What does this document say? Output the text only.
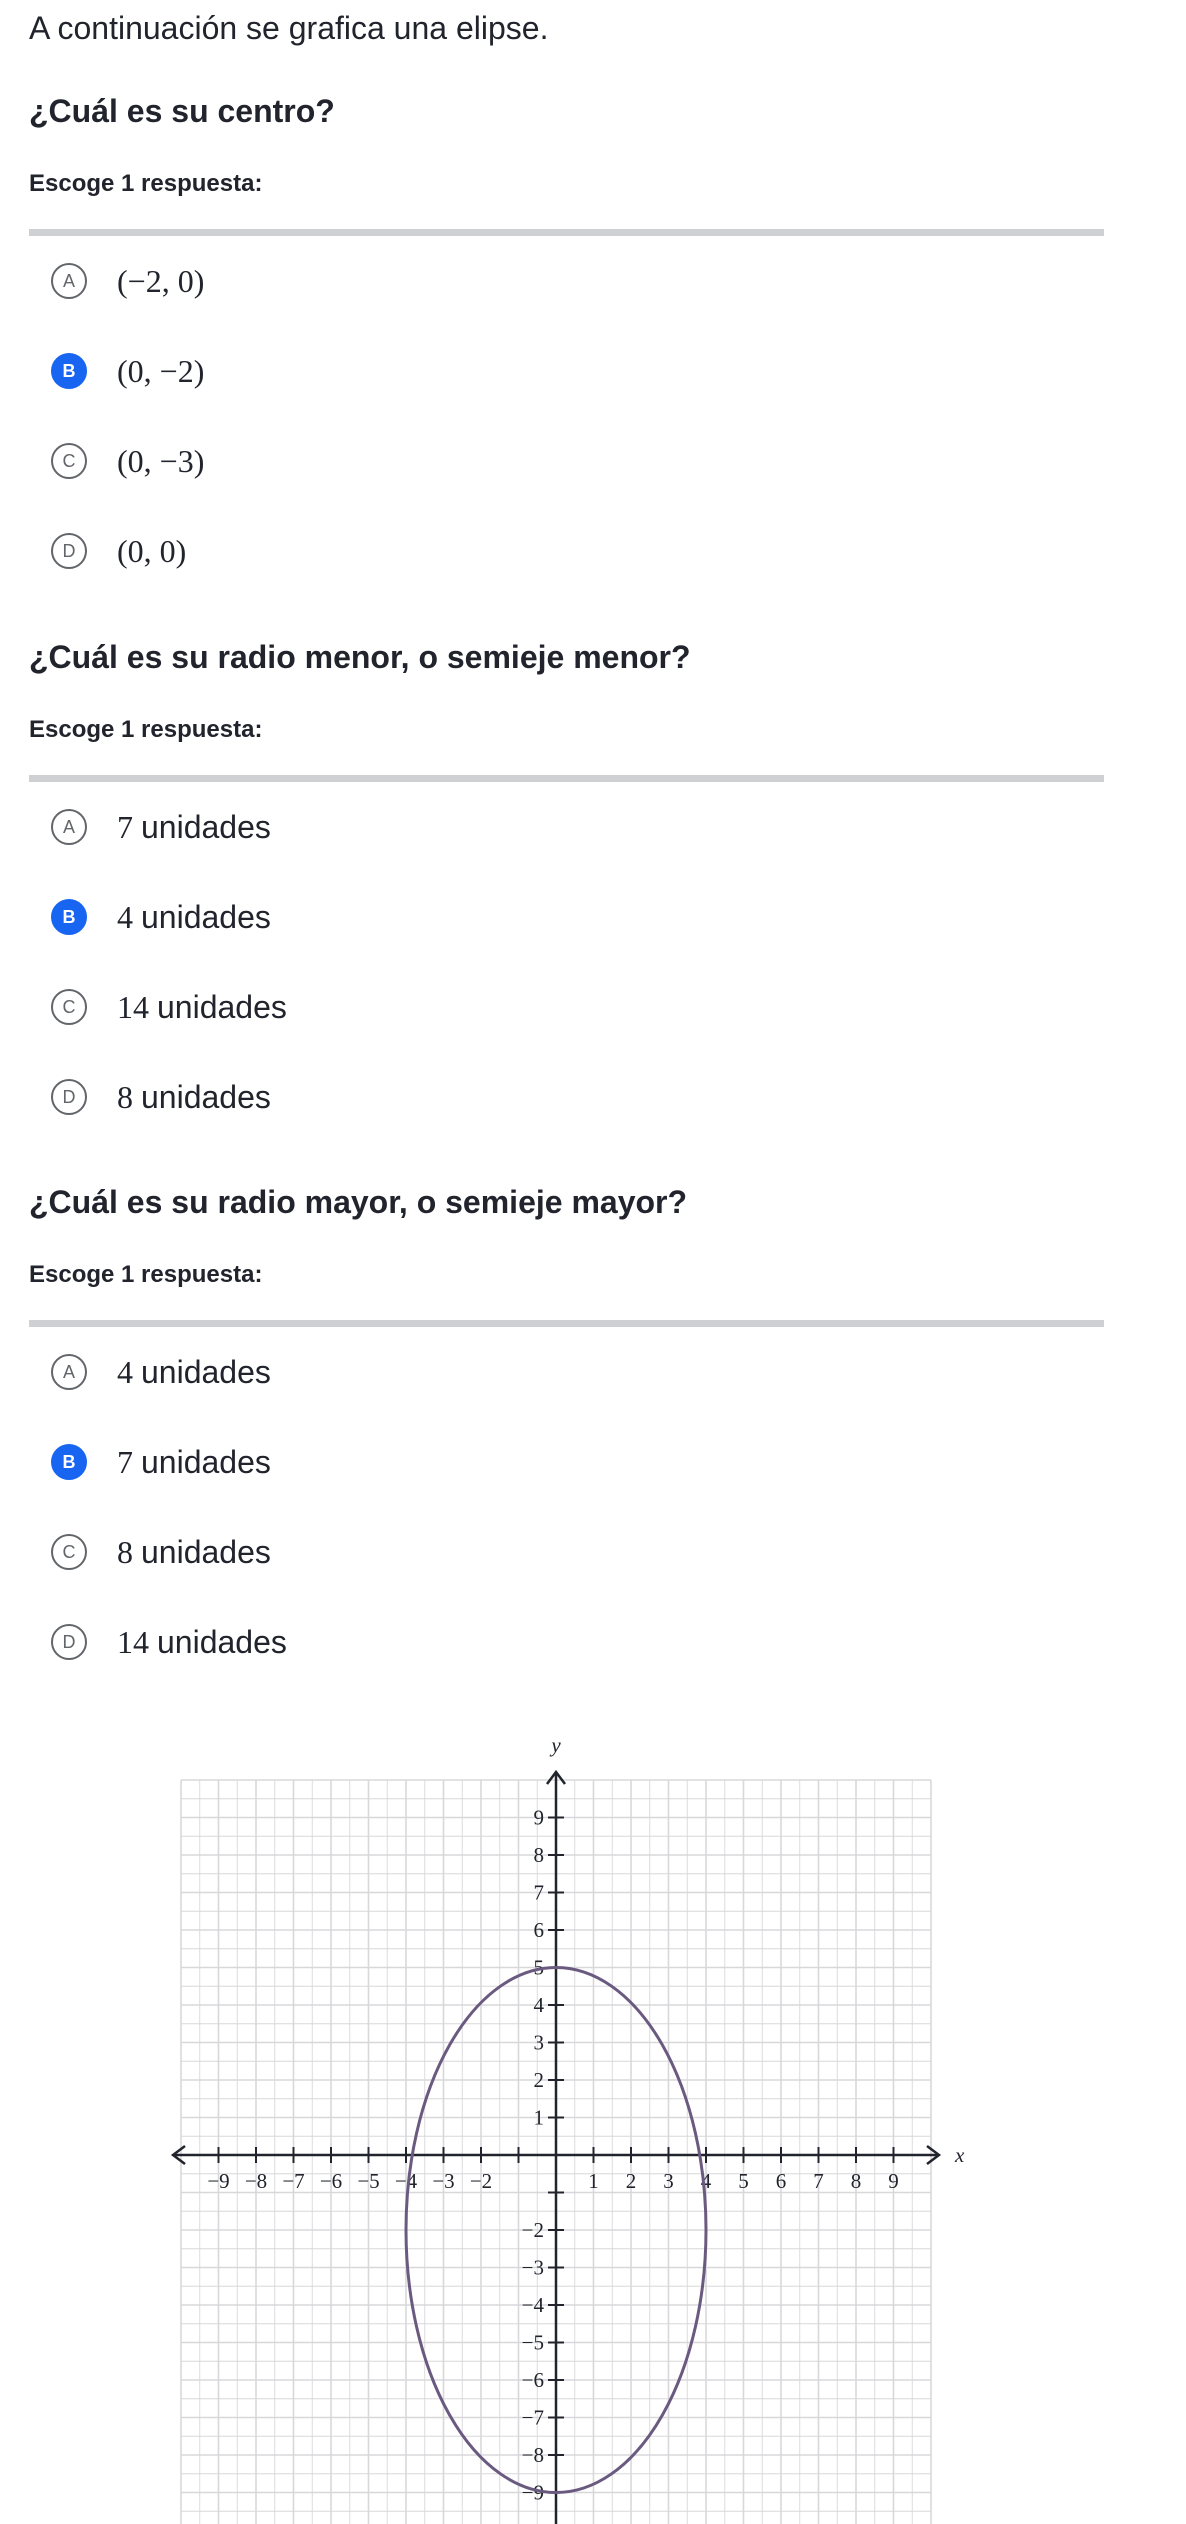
A continuación se grafica una elipse.

¿Cuál es su centro?

Escoge 1 respuesta:

A	(−2, 0)
B	(0, −2)
C	(0, −3)
D	(0, 0)

¿Cuál es su radio menor, o semieje menor?

Escoge 1 respuesta:

A	7 unidades
B	4 unidades
C	14 unidades
D	8 unidades

¿Cuál es su radio mayor, o semieje mayor?

Escoge 1 respuesta:

A	4 unidades
B	7 unidades
C	8 unidades
D	14 unidades
−9 −8 −7 −6 −5 −4 −3 −2	1 2 3 4 5 6 7 8 9
9
8
7
6
5
4
3
2
1
−2
−3
−4
−5
−6
−7
−8
−9
x
y
